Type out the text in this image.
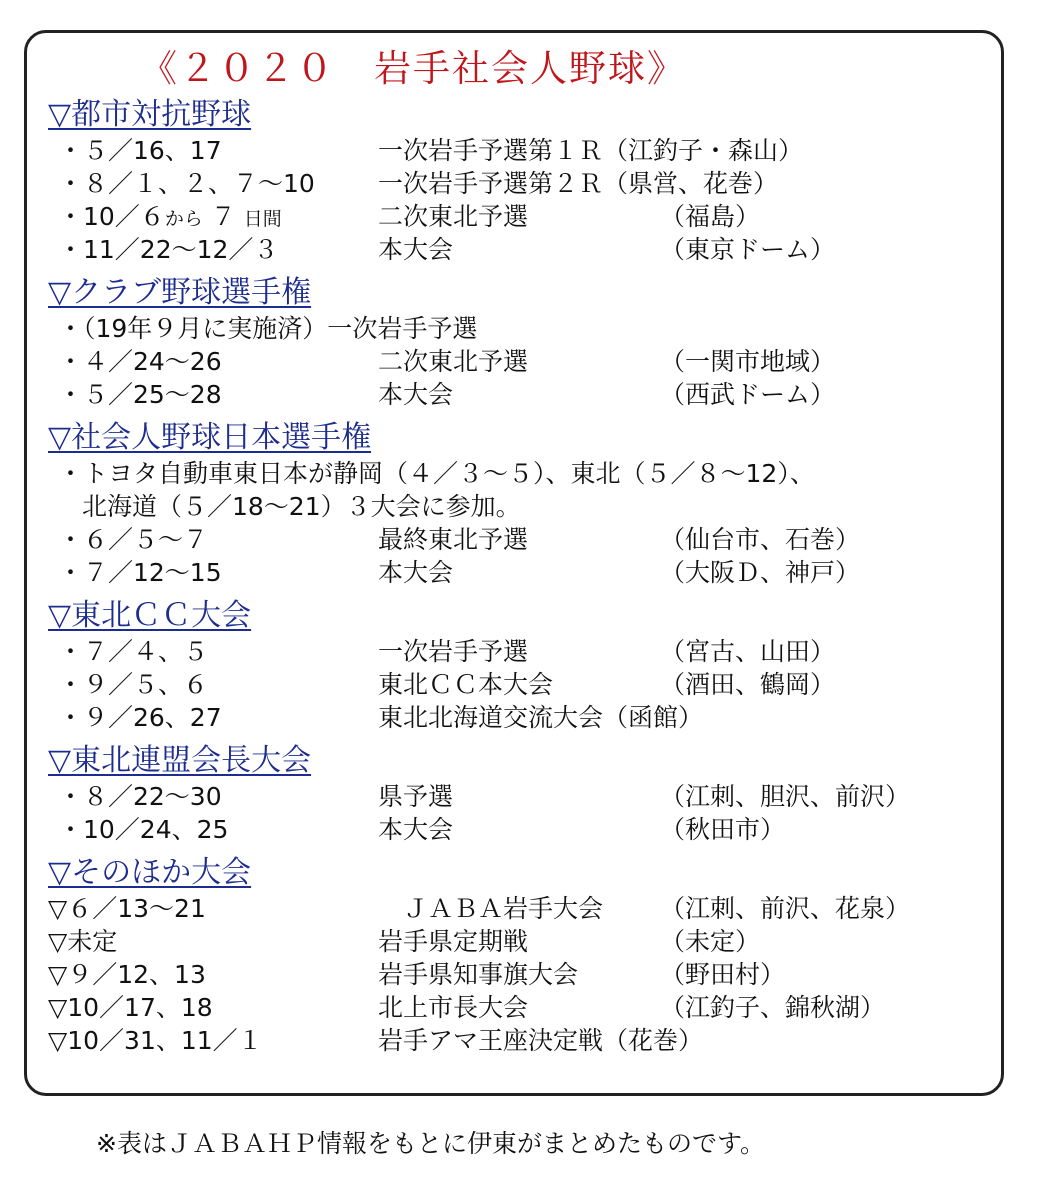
《２０２０　岩手社会人野球》
▽都市対抗野球
・５／16、17	一次岩手予選第１Ｒ（江釣子・森山）
・８／１、２、７～10	一次岩手予選第２Ｒ（県営、花巻）
・10／６から ７ 日間	二次東北予選	（福島）
・11／22～12／３	本大会	（東京ドーム）
▽クラブ野球選手権
・（19年９月に実施済）一次岩手予選
・４／24～26	二次東北予選	（一関市地域）
・５／25～28	本大会	（西武ドーム）
▽社会人野球日本選手権
・トヨタ自動車東日本が静岡（４／３～５）、東北（５／８～12）、
北海道（５／18～21）３大会に参加。
・６／５～７	最終東北予選	（仙台市、石巻）
・７／12～15	本大会	（大阪Ｄ、神戸）
▽東北ＣＣ大会
・７／４、５	一次岩手予選	（宮古、山田）
・９／５、６	東北ＣＣ本大会	（酒田、鶴岡）
・９／26、27	東北北海道交流大会（函館）
▽東北連盟会長大会
・８／22～30	県予選	（江刺、胆沢、前沢）
・10／24、25	本大会	（秋田市）
▽そのほか大会
▽６／13～21	　ＪＡＢＡ岩手大会 （江刺、前沢、花泉）
▽未定	岩手県定期戦	（未定）
▽９／12、13	岩手県知事旗大会	（野田村）
▽10／17、18	北上市長大会	（江釣子、錦秋湖）
▽10／31、11／１	岩手アマ王座決定戦（花巻）
※表はＪＡＢＡＨＰ情報をもとに伊東がまとめたものです。
